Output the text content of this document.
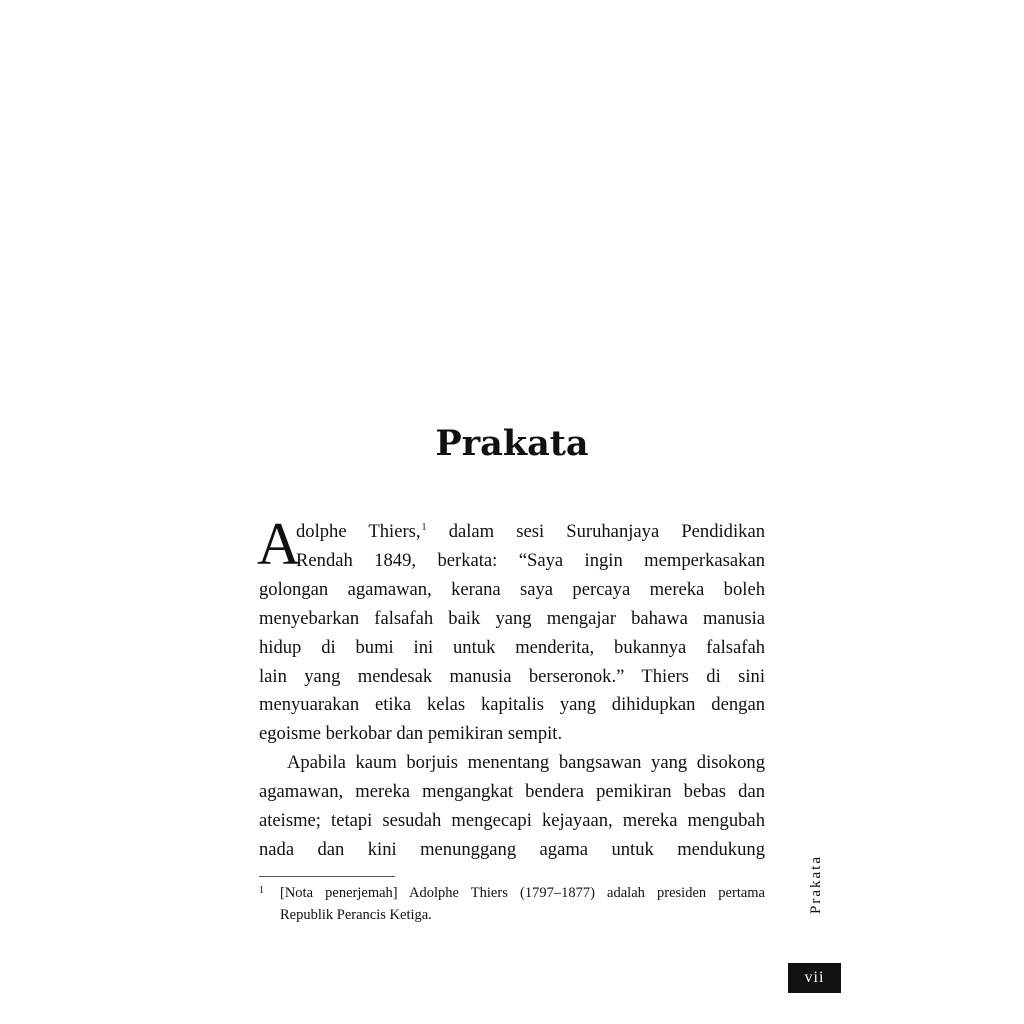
Prakata
A
dolphe Thiers,$^1$ dalam sesi Suruhanjaya Pendidikan
Rendah 1849, berkata: “Saya ingin memperkasakan
golongan agamawan, kerana saya percaya mereka boleh
menyebarkan falsafah baik yang mengajar bahawa manusia
hidup di bumi ini untuk menderita, bukannya falsafah
lain yang mendesak manusia berseronok.” Thiers di sini
menyuarakan etika kelas kapitalis yang dihidupkan dengan
egoisme berkobar dan pemikiran sempit.
Apabila kaum borjuis menentang bangsawan yang disokong
agamawan, mereka mengangkat bendera pemikiran bebas dan
ateisme; tetapi sesudah mengecapi kejayaan, mereka mengubah
nada dan kini menunggang agama untuk mendukung
1	[Nota penerjemah] Adolphe Thiers (1797–1877) adalah presiden pertama
Republik Perancis Ketiga.
Prakata
vii
